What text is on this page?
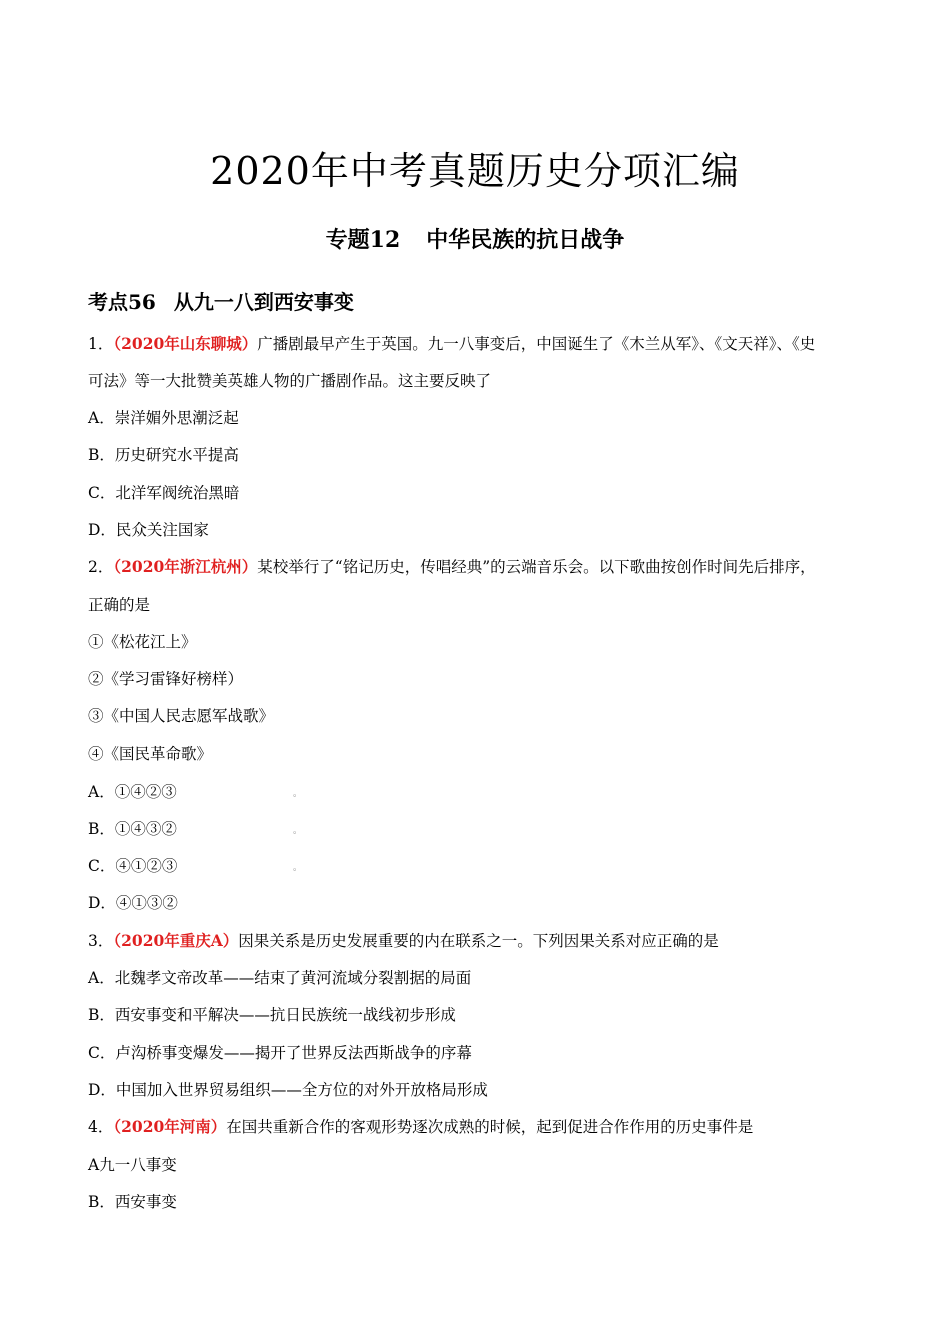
2020年中考真题历史分项汇编
专题12 中华民族的抗日战争
考点56 从九一八到西安事变
1．（2020年山东聊城）广播剧最早产生于英国。九一八事变后，中国诞生了《木兰从军》、《文天祥》、《史
可法》等一大批赞美英雄人物的广播剧作品。这主要反映了
A．崇洋媚外思潮泛起
B．历史研究水平提高
C．北洋军阀统治黑暗
D．民众关注国家
2．（2020年浙江杭州）某校举行了“铭记历史，传唱经典”的云端音乐会。以下歌曲按创作时间先后排序，
正确的是
①《松花江上》
②《学习雷锋好榜样）
③《中国人民志愿军战歌》
④《国民革命歌》
A．①④②③	。
B．①④③②	。
C．④①②③	。
D．④①③②
3．（2020年重庆A）因果关系是历史发展重要的内在联系之一。下列因果关系对应正确的是
A．北魏孝文帝改革——结束了黄河流域分裂割据的局面
B．西安事变和平解决——抗日民族统一战线初步形成
C．卢沟桥事变爆发——揭开了世界反法西斯战争的序幕
D．中国加入世界贸易组织——全方位的对外开放格局形成
4．（2020年河南）在国共重新合作的客观形势逐次成熟的时候，起到促进合作作用的历史事件是
A九一八事变
B．西安事变
